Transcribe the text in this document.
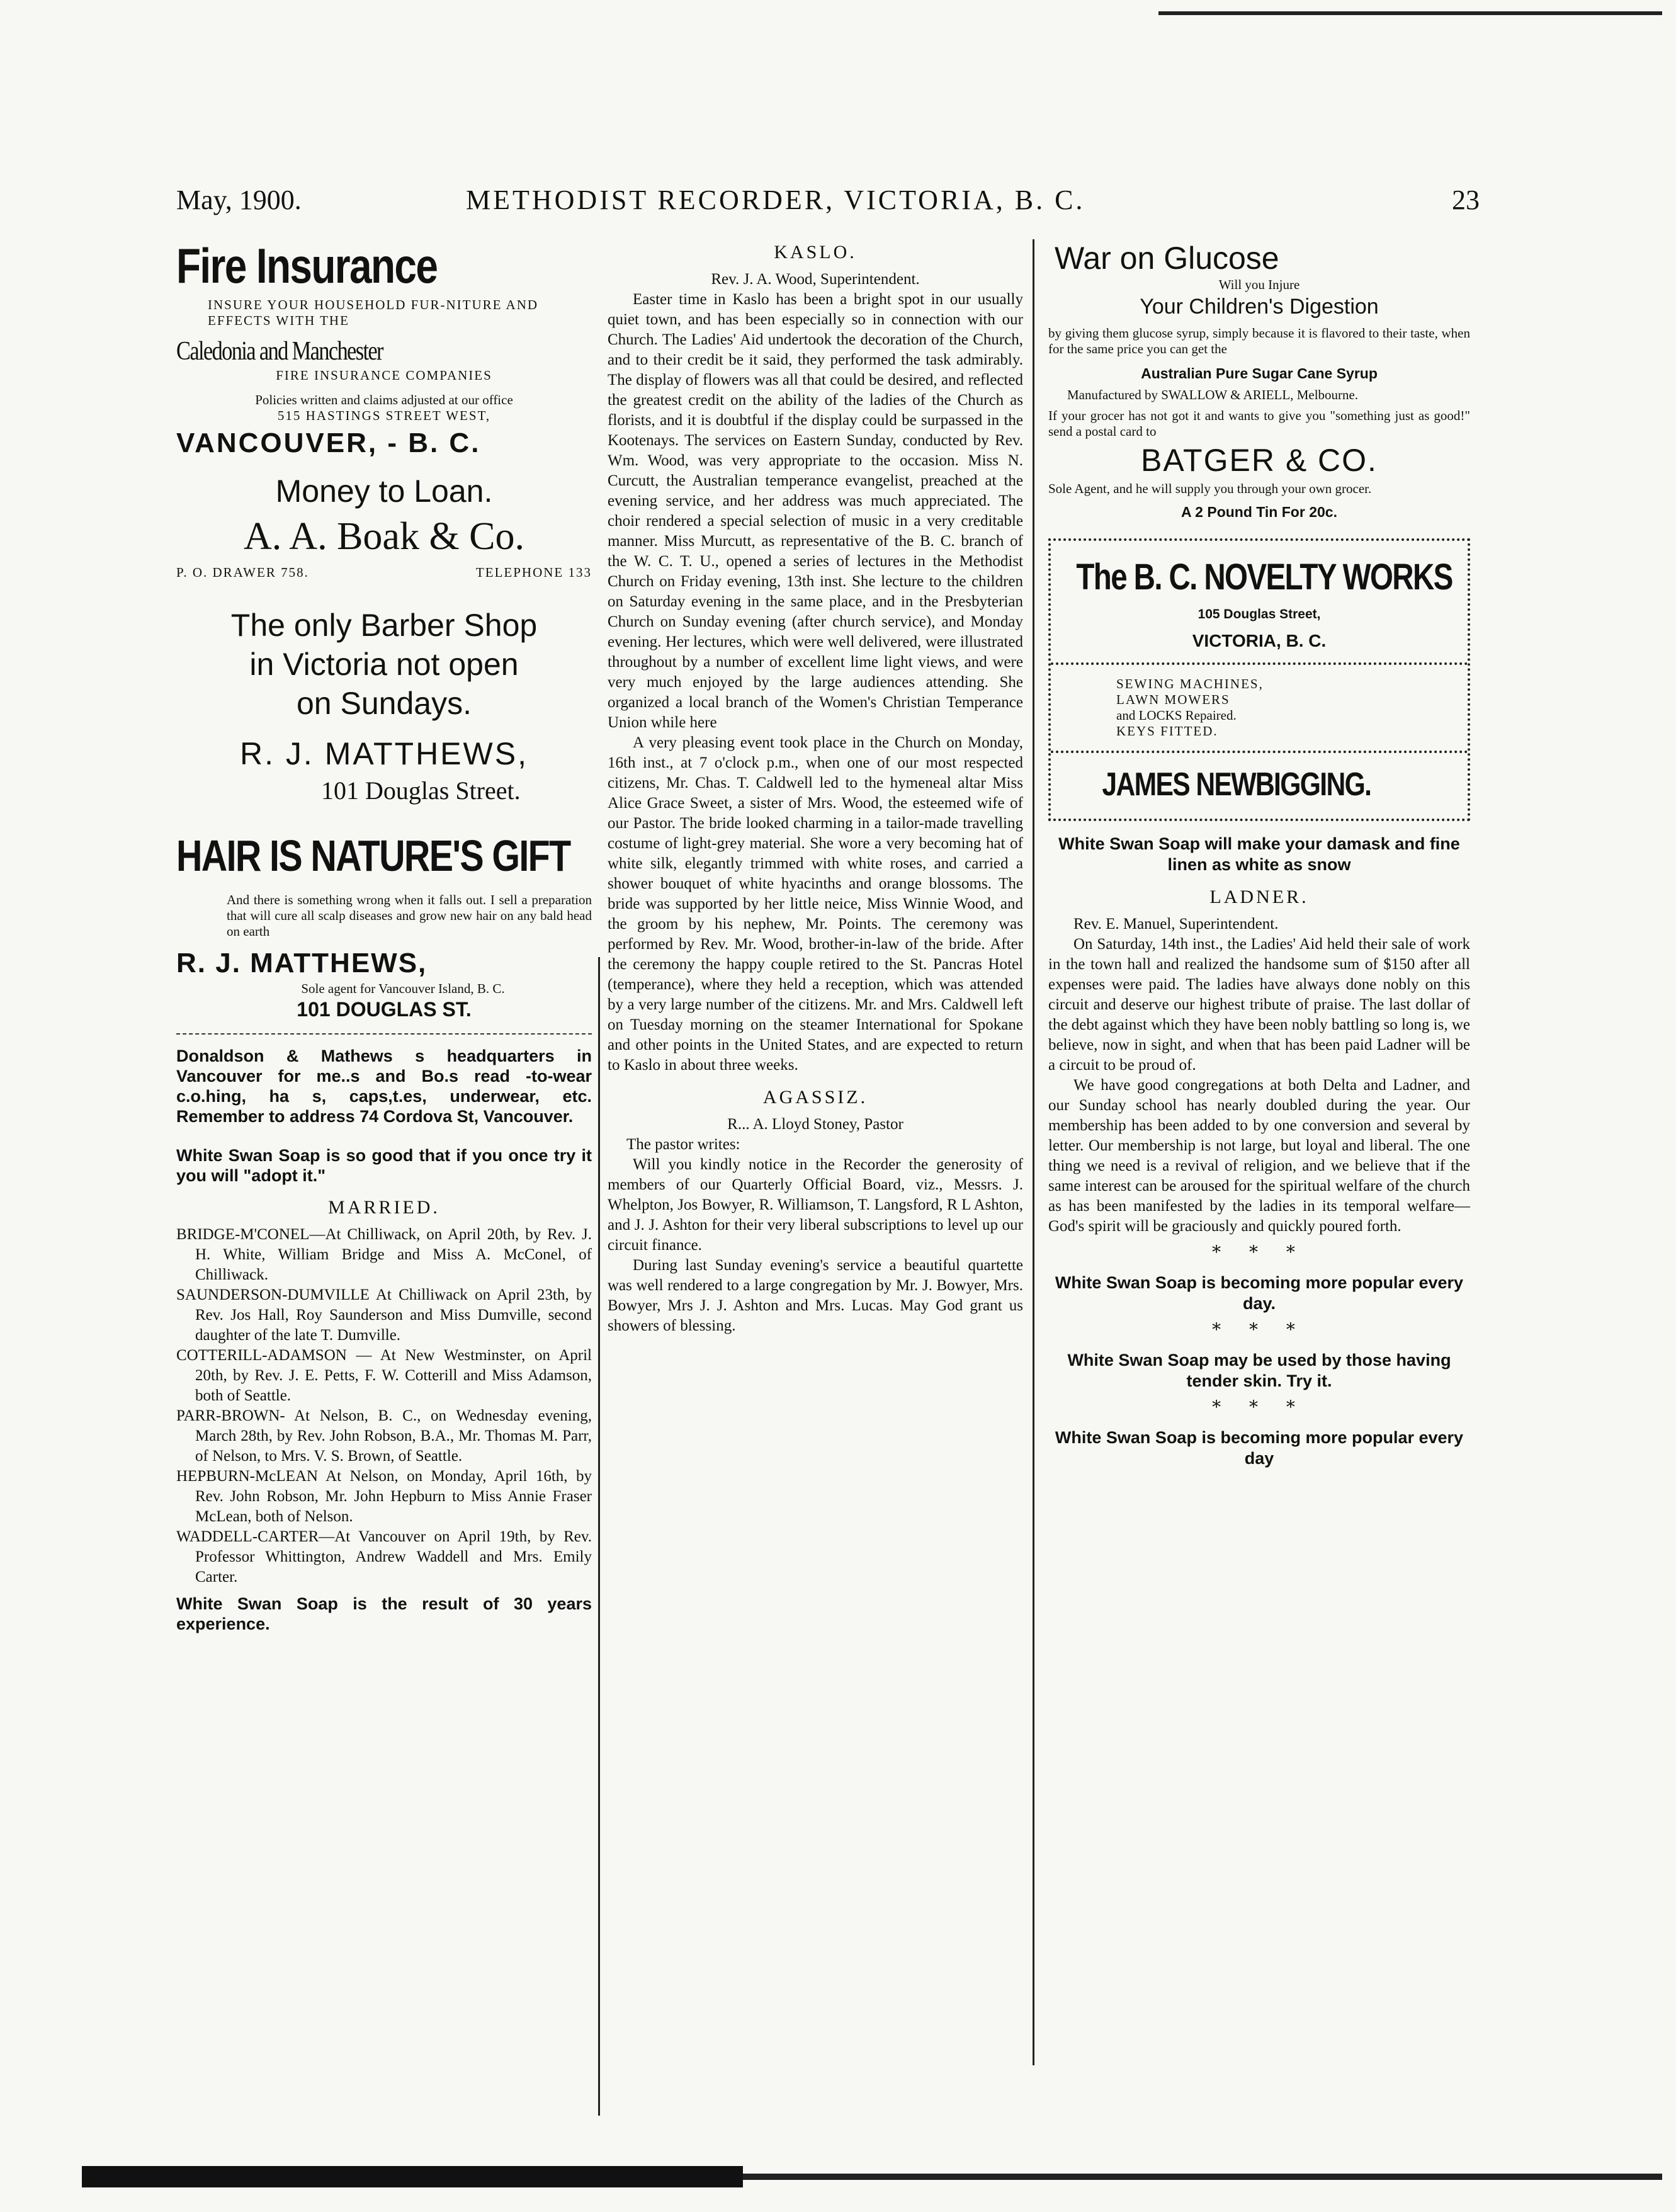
May, 1900.	METHODIST RECORDER, VICTORIA, B. C.	23
Fire Insurance

INSURE YOUR HOUSEHOLD FUR-NITURE AND EFFECTS WITH THE

Caledonia and Manchester

FIRE INSURANCE COMPANIES

Policies written and claims adjusted at our office

515 HASTINGS STREET WEST,

VANCOUVER, - B. C.
Money to Loan.
A. A. Boak & Co.
P. O. DRAWER 758.	TELEPHONE 133
The only Barber Shop
in Victoria not open
on Sundays.
R. J. MATTHEWS,
101 Douglas Street.
HAIR IS NATURE'S GIFT

And there is something wrong when it falls out. I sell a preparation that will cure all scalp diseases and grow new hair on any bald head on earth

R. J. MATTHEWS,

Sole agent for Vancouver Island, B. C.

101 DOUGLAS ST.

Donaldson & Mathews s headquarters in Vancouver for me..s and Bo.s read -to-wear c.o.hing, ha s, caps,t.es, underwear, etc. Remember to address 74 Cordova St, Vancouver.

White Swan Soap is so good that if you once try it you will "adopt it."

MARRIED.

BRIDGE-M'CONEL—At Chilliwack, on April 20th, by Rev. J. H. White, William Bridge and Miss A. McConel, of Chilliwack.

SAUNDERSON-DUMVILLE At Chilliwack on April 23th, by Rev. Jos Hall, Roy Saunderson and Miss Dumville, second daughter of the late T. Dumville.

COTTERILL-ADAMSON — At New Westminster, on April 20th, by Rev. J. E. Petts, F. W. Cotterill and Miss Adamson, both of Seattle.

PARR-BROWN- At Nelson, B. C., on Wednesday evening, March 28th, by Rev. John Robson, B.A., Mr. Thomas M. Parr, of Nelson, to Mrs. V. S. Brown, of Seattle.

HEPBURN-McLEAN At Nelson, on Monday, April 16th, by Rev. John Robson, Mr. John Hepburn to Miss Annie Fraser McLean, both of Nelson.

WADDELL-CARTER—At Vancouver on April 19th, by Rev. Professor Whittington, Andrew Waddell and Mrs. Emily Carter.

White Swan Soap is the result of 30 years experience.

KASLO.

Rev. J. A. Wood, Superintendent.

Easter time in Kaslo has been a bright spot in our usually quiet town, and has been especially so in connection with our Church. The Ladies' Aid undertook the decoration of the Church, and to their credit be it said, they performed the task admirably. The display of flowers was all that could be desired, and reflected the greatest credit on the ability of the ladies of the Church as florists, and it is doubtful if the display could be surpassed in the Kootenays. The services on Eastern Sunday, conducted by Rev. Wm. Wood, was very appropriate to the occasion. Miss N. Curcutt, the Australian temperance evangelist, preached at the evening service, and her address was much appreciated. The choir rendered a special selection of music in a very creditable manner. Miss Murcutt, as representative of the B. C. branch of the W. C. T. U., opened a series of lectures in the Methodist Church on Friday evening, 13th inst. She lecture to the children on Saturday evening in the same place, and in the Presbyterian Church on Sunday evening (after church service), and Monday evening. Her lectures, which were well delivered, were illustrated throughout by a number of excellent lime light views, and were very much enjoyed by the large audiences attending. She organized a local branch of the Women's Christian Temperance Union while here

A very pleasing event took place in the Church on Monday, 16th inst., at 7 o'clock p.m., when one of our most respected citizens, Mr. Chas. T. Caldwell led to the hymeneal altar Miss Alice Grace Sweet, a sister of Mrs. Wood, the esteemed wife of our Pastor. The bride looked charming in a tailor-made travelling costume of light-grey material. She wore a very becoming hat of white silk, elegantly trimmed with white roses, and carried a shower bouquet of white hyacinths and orange blossoms. The bride was supported by her little neice, Miss Winnie Wood, and the groom by his nephew, Mr. Points. The ceremony was performed by Rev. Mr. Wood, brother-in-law of the bride. After the ceremony the happy couple retired to the St. Pancras Hotel (temperance), where they held a reception, which was attended by a very large number of the citizens. Mr. and Mrs. Caldwell left on Tuesday morning on the steamer International for Spokane and other points in the United States, and are expected to return to Kaslo in about three weeks.

AGASSIZ.

R... A. Lloyd Stoney, Pastor

The pastor writes:

Will you kindly notice in the Recorder the generosity of members of our Quarterly Official Board, viz., Messrs. J. Whelpton, Jos Bowyer, R. Williamson, T. Langsford, R L Ashton, and J. J. Ashton for their very liberal subscriptions to level up our circuit finance.

During last Sunday evening's service a beautiful quartette was well rendered to a large congregation by Mr. J. Bowyer, Mrs. Bowyer, Mrs J. J. Ashton and Mrs. Lucas. May God grant us showers of blessing.

War on Glucose

Will you Injure

Your Children's Digestion

by giving them glucose syrup, simply because it is flavored to their taste, when for the same price you can get the

Australian Pure Sugar Cane Syrup

Manufactured by SWALLOW & ARIELL, Melbourne.

If your grocer has not got it and wants to give you "something just as good!" send a postal card to

BATGER & CO.

Sole Agent, and he will supply you through your own grocer.

A 2 Pound Tin For 20c.

The B. C. NOVELTY WORKS

105 Douglas Street,

VICTORIA, B. C.

SEWING MACHINES,

LAWN MOWERS

and LOCKS Repaired.

KEYS FITTED.

JAMES NEWBIGGING.

White Swan Soap will make your damask and fine linen as white as snow

LADNER.

Rev. E. Manuel, Superintendent.

On Saturday, 14th inst., the Ladies' Aid held their sale of work in the town hall and realized the handsome sum of $150 after all expenses were paid. The ladies have always done nobly on this circuit and deserve our highest tribute of praise. The last dollar of the debt against which they have been nobly battling so long is, we believe, now in sight, and when that has been paid Ladner will be a circuit to be proud of.

We have good congregations at both Delta and Ladner, and our Sunday school has nearly doubled during the year. Our membership has been added to by one conversion and several by letter. Our membership is not large, but loyal and liberal. The one thing we need is a revival of religion, and we believe that if the same interest can be aroused for the spiritual welfare of the church as has been manifested by the ladies in its temporal welfare—God's spirit will be graciously and quickly poured forth.

* * *

White Swan Soap is becoming more popular every day.

* * *

White Swan Soap may be used by those having tender skin. Try it.

* * *

White Swan Soap is becoming more popular every day
